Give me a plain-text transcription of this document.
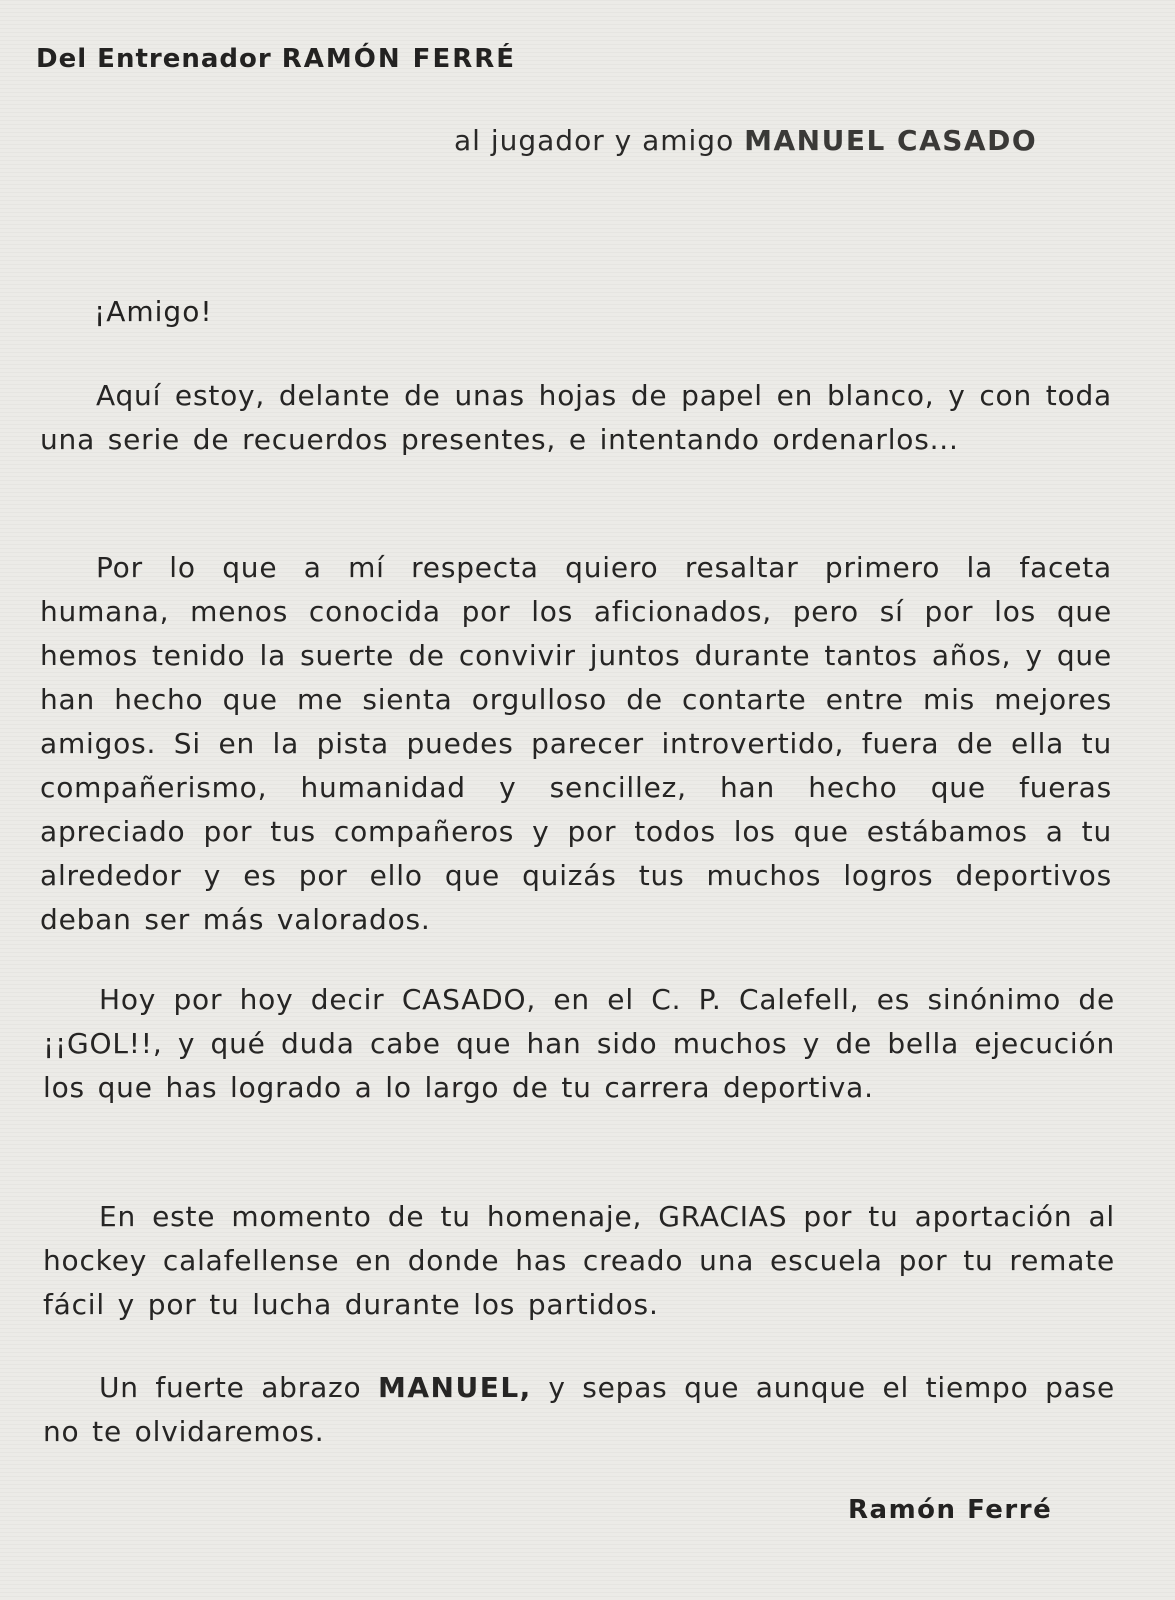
Del Entrenador RAMÓN FERRÉ
al jugador y amigo MANUEL CASADO
¡Amigo!

Aquí estoy, delante de unas hojas de papel en blanco, y con toda una serie de recuerdos presentes, e intentando ordenarlos...

Por lo que a mí respecta quiero resaltar primero la faceta humana, menos conocida por los aficionados, pero sí por los que hemos tenido la suerte de convivir juntos durante tantos años, y que han hecho que me sienta orgulloso de contarte entre mis mejores amigos. Si en la pista puedes parecer introvertido, fuera de ella tu compañerismo, humanidad y sencillez, han hecho que fueras apreciado por tus compañeros y por todos los que estábamos a tu alrededor y es por ello que quizás tus muchos logros deportivos deban ser más valorados.

Hoy por hoy decir CASADO, en el C. P. Calefell, es sinónimo de ¡¡GOL!!, y qué duda cabe que han sido muchos y de bella ejecución los que has logrado a lo largo de tu carrera deportiva.

En este momento de tu homenaje, GRACIAS por tu aportación al hockey calafellense en donde has creado una escuela por tu remate fácil y por tu lucha durante los partidos.

Un fuerte abrazo MANUEL, y sepas que aunque el tiempo pase no te olvidaremos.

Ramón Ferré
